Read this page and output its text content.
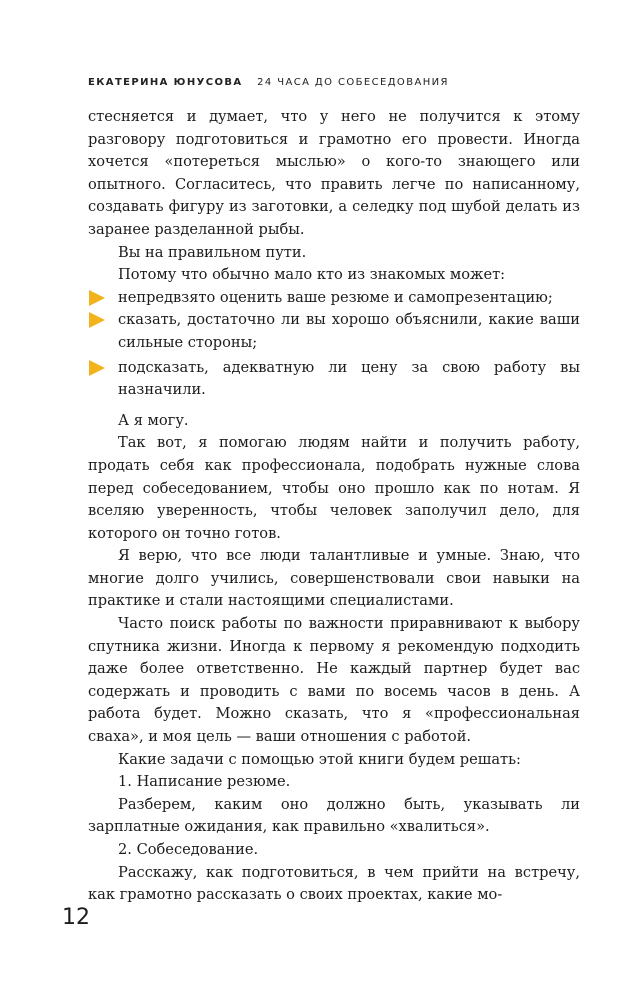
ЕКАТЕРИНА ЮНУСОВА 24 ЧАСА ДО СОБЕСЕДОВАНИЯ

стесняется и думает, что у него не получится к этому разговору подготовиться и грамотно его провести. Иногда хочется «потереться мыслью» о кого-то знающего или опытного. Согласитесь, что править легче по написанному, создавать фигуру из заготовки, а селедку под шубой делать из заранее разделанной рыбы.

Вы на правильном пути.

Потому что обычно мало кто из знакомых может:

непредвзято оценить ваше резюме и самопрезентацию;
сказать, достаточно ли вы хорошо объяснили, какие ваши сильные стороны;
подсказать, адекватную ли цену за свою работу вы назначили.

А я могу.

Так вот, я помогаю людям найти и получить работу, продать себя как профессионала, подобрать нужные слова перед собеседованием, чтобы оно прошло как по нотам. Я вселяю уверенность, чтобы человек заполучил дело, для которого он точно готов.

Я верю, что все люди талантливые и умные. Знаю, что многие долго учились, совершенствовали свои навыки на практике и стали настоящими специалистами.

Часто поиск работы по важности приравнивают к выбору спутника жизни. Иногда к первому я рекомендую подходить даже более ответственно. Не каждый партнер будет вас содержать и проводить с вами по восемь часов в день. А работа будет. Можно сказать, что я «профессиональная сваха», и моя цель — ваши отношения с работой.

Какие задачи с помощью этой книги будем решать:

1. Написание резюме.

Разберем, каким оно должно быть, указывать ли зарплатные ожидания, как правильно «хвалиться».

2. Собеседование.

Расскажу, как подготовиться, в чем прийти на встречу, как грамотно рассказать о своих проектах, какие мо-

12
